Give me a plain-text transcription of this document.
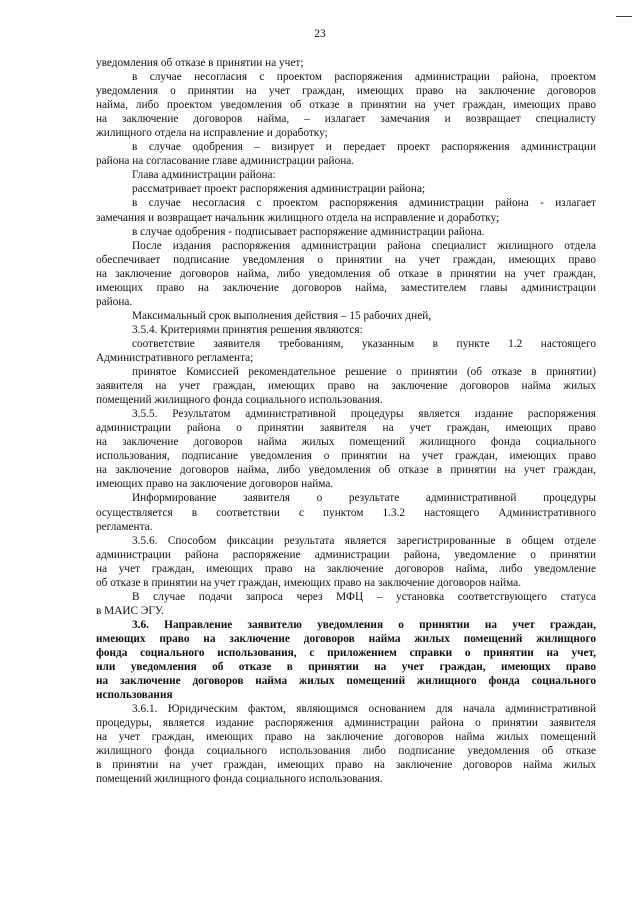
23
уведомления об отказе в принятии на учет;
в случае несогласия с проектом распоряжения администрации района, проектом
уведомления о принятии на учет граждан, имеющих право на заключение договоров
найма, либо проектом уведомления об отказе в принятии на учет граждан, имеющих право
на заключение договоров найма, – излагает замечания и возвращает специалисту
жилищного отдела на исправление и доработку;
в случае одобрения – визирует и передает проект распоряжения администрации
района на согласование главе администрации района.
Глава администрации района:
рассматривает проект распоряжения администрации района;
в случае несогласия с проектом распоряжения администрации района - излагает
замечания и возвращает начальник жилищного отдела на исправление и доработку;
в случае одобрения - подписывает распоряжение администрации района.
После издания распоряжения администрации района специалист жилищного отдела
обеспечивает подписание уведомления о принятии на учет граждан, имеющих право
на заключение договоров найма, либо уведомления об отказе в принятии на учет граждан,
имеющих право на заключение договоров найма, заместителем главы администрации
района.
Максимальный срок выполнения действия – 15 рабочих дней,
3.5.4. Критериями принятия решения являются:
соответствие заявителя требованиям, указанным в пункте 1.2 настоящего
Административного регламента;
принятое Комиссией рекомендательное решение о принятии (об отказе в принятии)
заявителя на учет граждан, имеющих право на заключение договоров найма жилых
помещений жилищного фонда социального использования.
3.5.5. Результатом административной процедуры является издание распоряжения
администрации района о принятии заявителя на учет граждан, имеющих право
на заключение договоров найма жилых помещений жилищного фонда социального
использования, подписание уведомления о принятии на учет граждан, имеющих право
на заключение договоров найма, либо уведомления об отказе в принятии на учет граждан,
имеющих право на заключение договоров найма.
Информирование заявителя о результате административной процедуры
осуществляется в соответствии с пунктом 1.3.2 настоящего Административного
регламента.
3.5.6. Способом фиксации результата является зарегистрированные в общем отделе
администрации района распоряжение администрации района, уведомление о принятии
на учет граждан, имеющих право на заключение договоров найма, либо уведомление
об отказе в принятии на учет граждан, имеющих право на заключение договоров найма.
В случае подачи запроса через МФЦ – установка соответствующего статуса
в МАИС ЭГУ.
3.6. Направление заявителю уведомления о принятии на учет граждан,
имеющих право на заключение договоров найма жилых помещений жилищного
фонда социального использования, с приложением справки о принятии на учет,
или уведомления об отказе в принятии на учет граждан, имеющих право
на заключение договоров найма жилых помещений жилищного фонда социального
использования
3.6.1. Юридическим фактом, являющимся основанием для начала административной
процедуры, является издание распоряжения администрации района о принятии заявителя
на учет граждан, имеющих право на заключение договоров найма жилых помещений
жилищного фонда социального использования либо подписание уведомления об отказе
в принятии на учет граждан, имеющих право на заключение договоров найма жилых
помещений жилищного фонда социального использования.
